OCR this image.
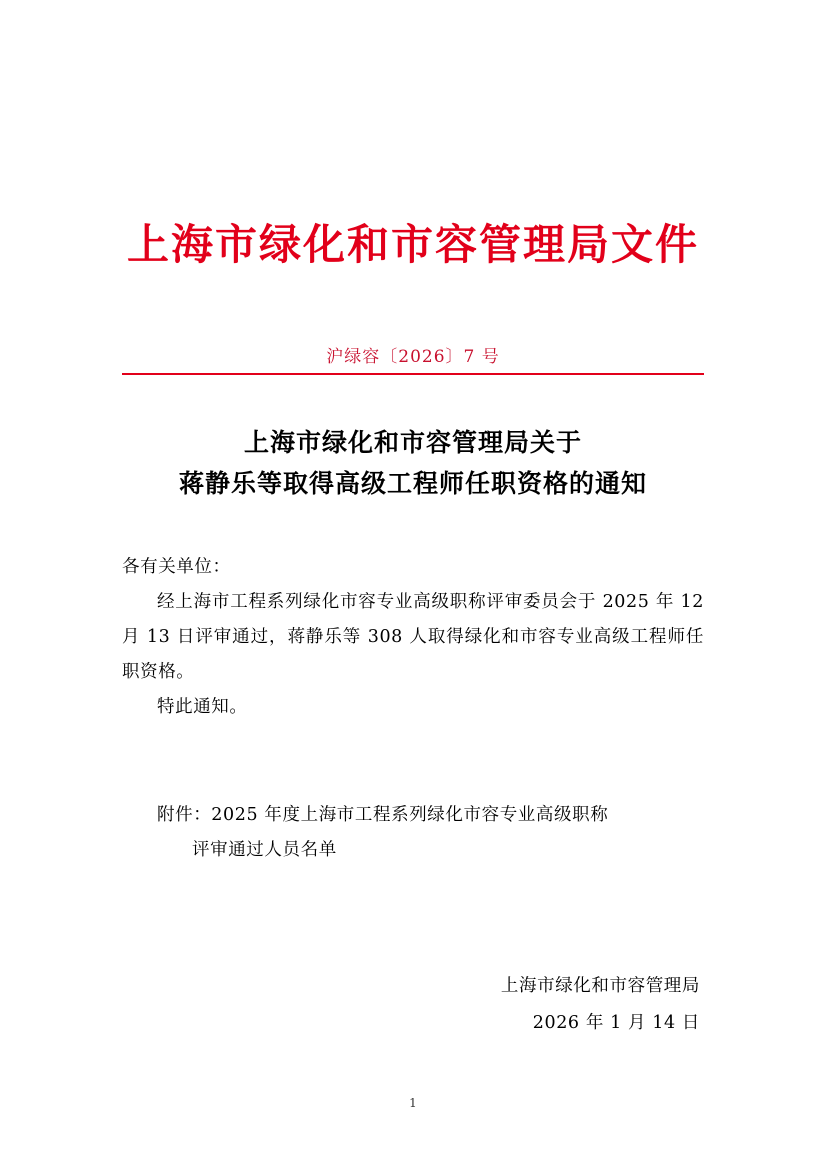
上海市绿化和市容管理局文件
沪绿容〔2026〕7 号
上海市绿化和市容管理局关于
蒋静乐等取得高级工程师任职资格的通知
各有关单位：
经上海市工程系列绿化市容专业高级职称评审委员会于 2025 年 12 月 13 日评审通过，蒋静乐等 308 人取得绿化和市容专业高级工程师任职资格。
特此通知。
附件：2025 年度上海市工程系列绿化市容专业高级职称
评审通过人员名单
上海市绿化和市容管理局
2026 年 1 月 14 日
1
